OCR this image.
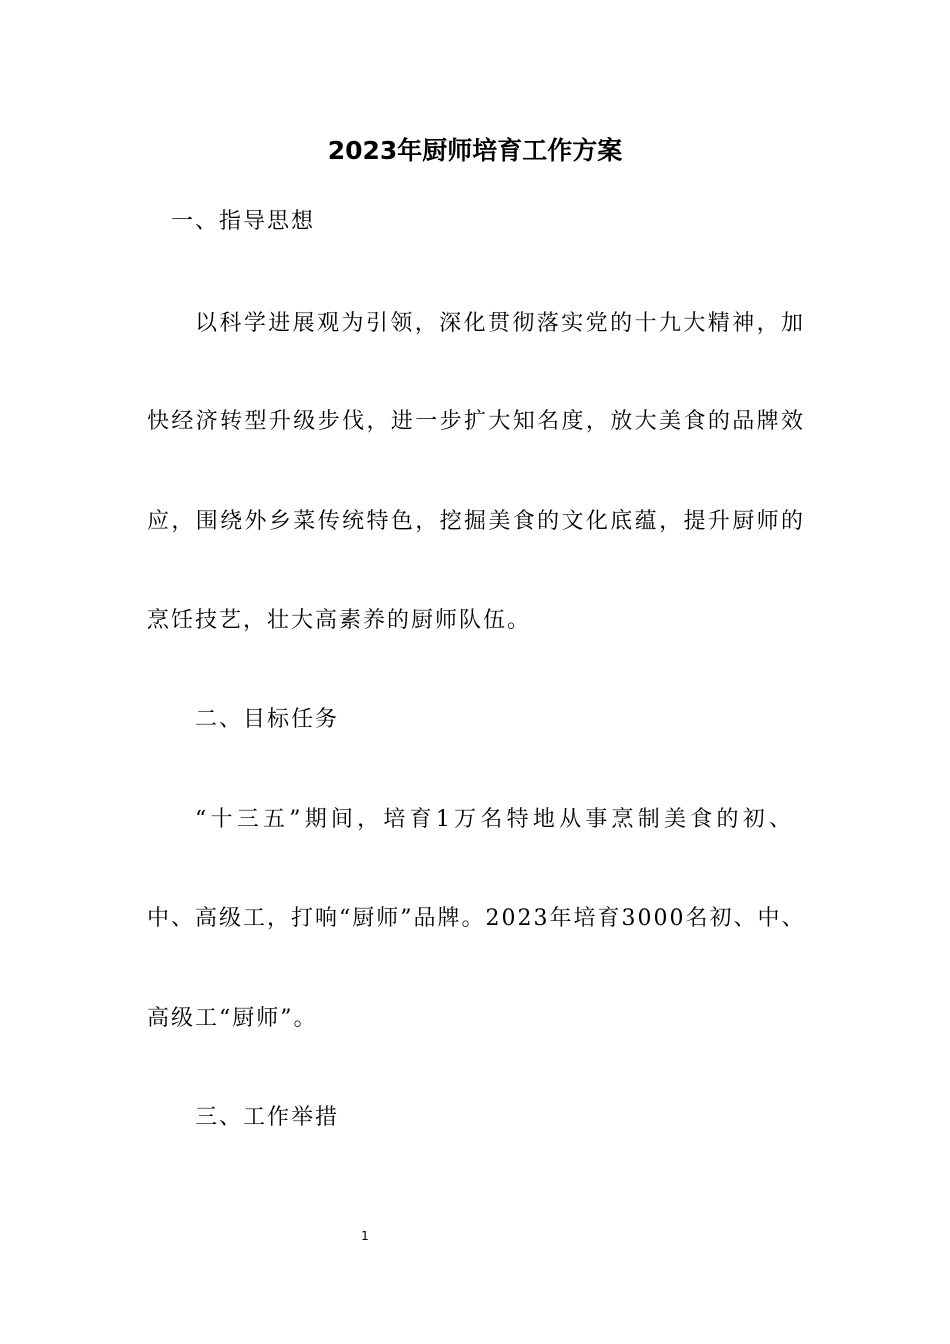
2023年厨师培育工作方案
一、指导思想
以科学进展观为引领，深化贯彻落实党的十九大精神，加
快经济转型升级步伐，进一步扩大知名度，放大美食的品牌效
应，围绕外乡菜传统特色，挖掘美食的文化底蕴，提升厨师的
烹饪技艺，壮大高素养的厨师队伍。
二、目标任务
“十三五”期间，培育1万名特地从事烹制美食的初、
中、高级工，打响“厨师”品牌。2023年培育3000名初、中、
高级工“厨师”。
三、工作举措
1
